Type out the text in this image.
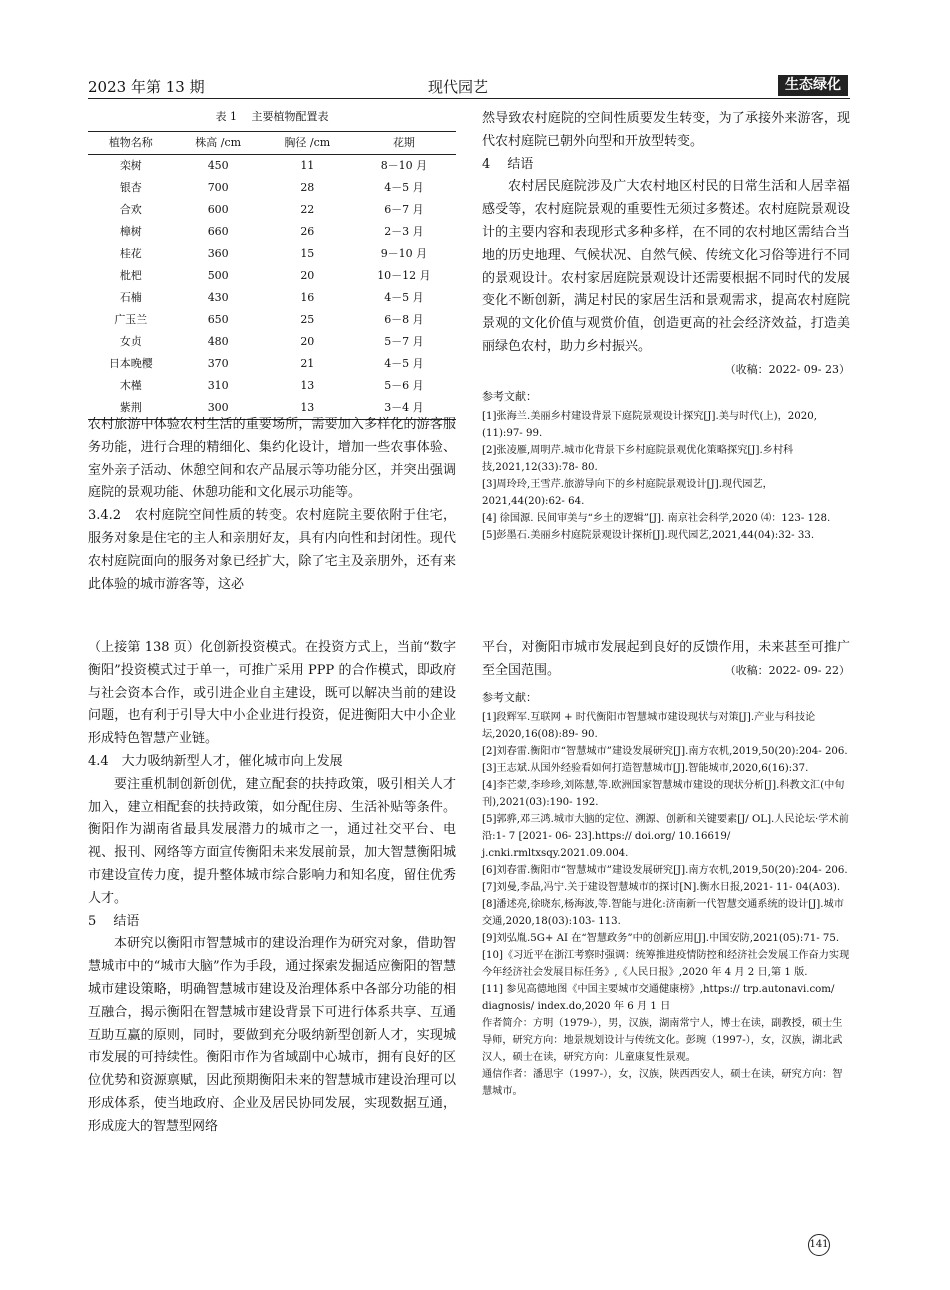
2023 年第 13 期	现代园艺	生态绿化
表 1　 主要植物配置表
植物名称	株高 /cm	胸径 /cm	花期
栾树	450	11	8－10 月
银杏	700	28	4－5 月
合欢	600	22	6－7 月
樟树	660	26	2－3 月
桂花	360	15	9－10 月
枇杷	500	20	10－12 月
石楠	430	16	4－5 月
广玉兰	650	25	6－8 月
女贞	480	20	5－7 月
日本晚樱	370	21	4－5 月
木槿	310	13	5－6 月
紫荆	300	13	3－4 月

农村旅游中体验农村生活的重要场所，需要加入多样化的游客服务功能，进行合理的精细化、集约化设计，增加一些农事体验、室外亲子活动、休憩空间和农产品展示等功能分区，并突出强调庭院的景观功能、休憩功能和文化展示功能等。

3.4.2　农村庭院空间性质的转变。农村庭院主要依附于住宅，服务对象是住宅的主人和亲朋好友，具有内向性和封闭性。现代农村庭院面向的服务对象已经扩大，除了宅主及亲朋外，还有来此体验的城市游客等，这必

然导致农村庭院的空间性质要发生转变，为了承接外来游客，现代农村庭院已朝外向型和开放型转变。

4　 结语

农村居民庭院涉及广大农村地区村民的日常生活和人居幸福感受等，农村庭院景观的重要性无须过多赘述。农村庭院景观设计的主要内容和表现形式多种多样，在不同的农村地区需结合当地的历史地理、气候状况、自然气候、传统文化习俗等进行不同的景观设计。农村家居庭院景观设计还需要根据不同时代的发展变化不断创新，满足村民的家居生活和景观需求，提高农村庭院景观的文化价值与观赏价值，创造更高的社会经济效益，打造美丽绿色农村，助力乡村振兴。

（收稿：2022- 09- 23）

参考文献：

[1]张海兰.美丽乡村建设背景下庭院景观设计探究[J].美与时代(上)，2020,(11):97- 99.

[2]张凌雁,周明芹.城市化背景下乡村庭院景观优化策略探究[J].乡村科技,2021,12(33):78- 80.

[3]周玲玲,王雪芹.旅游导向下的乡村庭院景观设计[J].现代园艺，2021,44(20):62- 64.

[4] 徐国源. 民间审美与“乡土的逻辑”[J]. 南京社会科学,2020 ⑷：123- 128.

[5]彭墨石.美丽乡村庭院景观设计探析[J].现代园艺,2021,44(04):32- 33.

（上接第 138 页）化创新投资模式。在投资方式上，当前“数字衡阳”投资模式过于单一，可推广采用 PPP 的合作模式，即政府与社会资本合作，或引进企业自主建设，既可以解决当前的建设问题，也有利于引导大中小企业进行投资，促进衡阳大中小企业形成特色智慧产业链。

4.4　大力吸纳新型人才，催化城市向上发展

要注重机制创新创优，建立配套的扶持政策，吸引相关人才加入，建立相配套的扶持政策，如分配住房、生活补贴等条件。衡阳作为湖南省最具发展潜力的城市之一，通过社交平台、电视、报刊、网络等方面宣传衡阳未来发展前景，加大智慧衡阳城市建设宣传力度，提升整体城市综合影响力和知名度，留住优秀人才。

5　 结语

本研究以衡阳市智慧城市的建设治理作为研究对象，借助智慧城市中的“城市大脑”作为手段，通过探索发掘适应衡阳的智慧城市建设策略，明确智慧城市建设及治理体系中各部分功能的相互融合，揭示衡阳在智慧城市建设背景下可进行体系共享、互通互助互赢的原则，同时，要做到充分吸纳新型创新人才，实现城市发展的可持续性。衡阳市作为省域副中心城市，拥有良好的区位优势和资源禀赋，因此预期衡阳未来的智慧城市建设治理可以形成体系，使当地政府、企业及居民协同发展，实现数据互通，形成庞大的智慧型网络

平台，对衡阳市城市发展起到良好的反馈作用，未来甚至可推广至全国范围。	（收稿：2022- 09- 22）

参考文献：

[1]段辉军.互联网 + 时代衡阳市智慧城市建设现状与对策[J].产业与科技论坛,2020,16(08):89- 90.

[2]刘春雷.衡阳市“智慧城市”建设发展研究[J].南方农机,2019,50(20):204- 206.

[3]王志斌.从国外经验看如何打造智慧城市[J].智能城市,2020,6(16):37.

[4]李芒蒙,李珍珍,刘陈慧,等.欧洲国家智慧城市建设的现状分析[J].科教文汇(中旬刊),2021(03):190- 192.

[5]郭骅,邓三鸿.城市大脑的定位、溯源、创新和关键要素[J/ OL].人民论坛·学术前沿:1- 7 [2021- 06- 23].https:// doi.org/ 10.16619/ j.cnki.rmltxsqy.2021.09.004.

[6]刘春雷.衡阳市“智慧城市”建设发展研究[J].南方农机,2019,50(20):204- 206.

[7]刘曼,李晶,冯宁.关于建设智慧城市的探讨[N].衡水日报,2021- 11- 04(A03).

[8]潘述亮,徐晓东,杨海波,等.智能与进化:济南新一代智慧交通系统的设计[J].城市交通,2020,18(03):103- 113.

[9]刘弘胤.5G+ AI 在“智慧政务”中的创新应用[J].中国安防,2021(05):71- 75.

[10]《习近平在浙江考察时强调：统筹推进疫情防控和经济社会发展工作奋力实现今年经济社会发展目标任务》,《人民日报》,2020 年 4 月 2 日,第 1 版.

[11] 参见高德地图《中国主要城市交通健康榜》,https:// trp.autonavi.com/ diagnosis/ index.do,2020 年 6 月 1 日

作者简介：方明（1979-），男，汉族，湖南常宁人，博士在读，副教授，硕士生导师，研究方向：地景规划设计与传统文化。彭琬（1997-），女，汉族，湖北武汉人，硕士在读，研究方向：儿童康复性景观。

通信作者：潘思宇（1997-），女，汉族，陕西西安人，硕士在读，研究方向：智慧城市。

141
